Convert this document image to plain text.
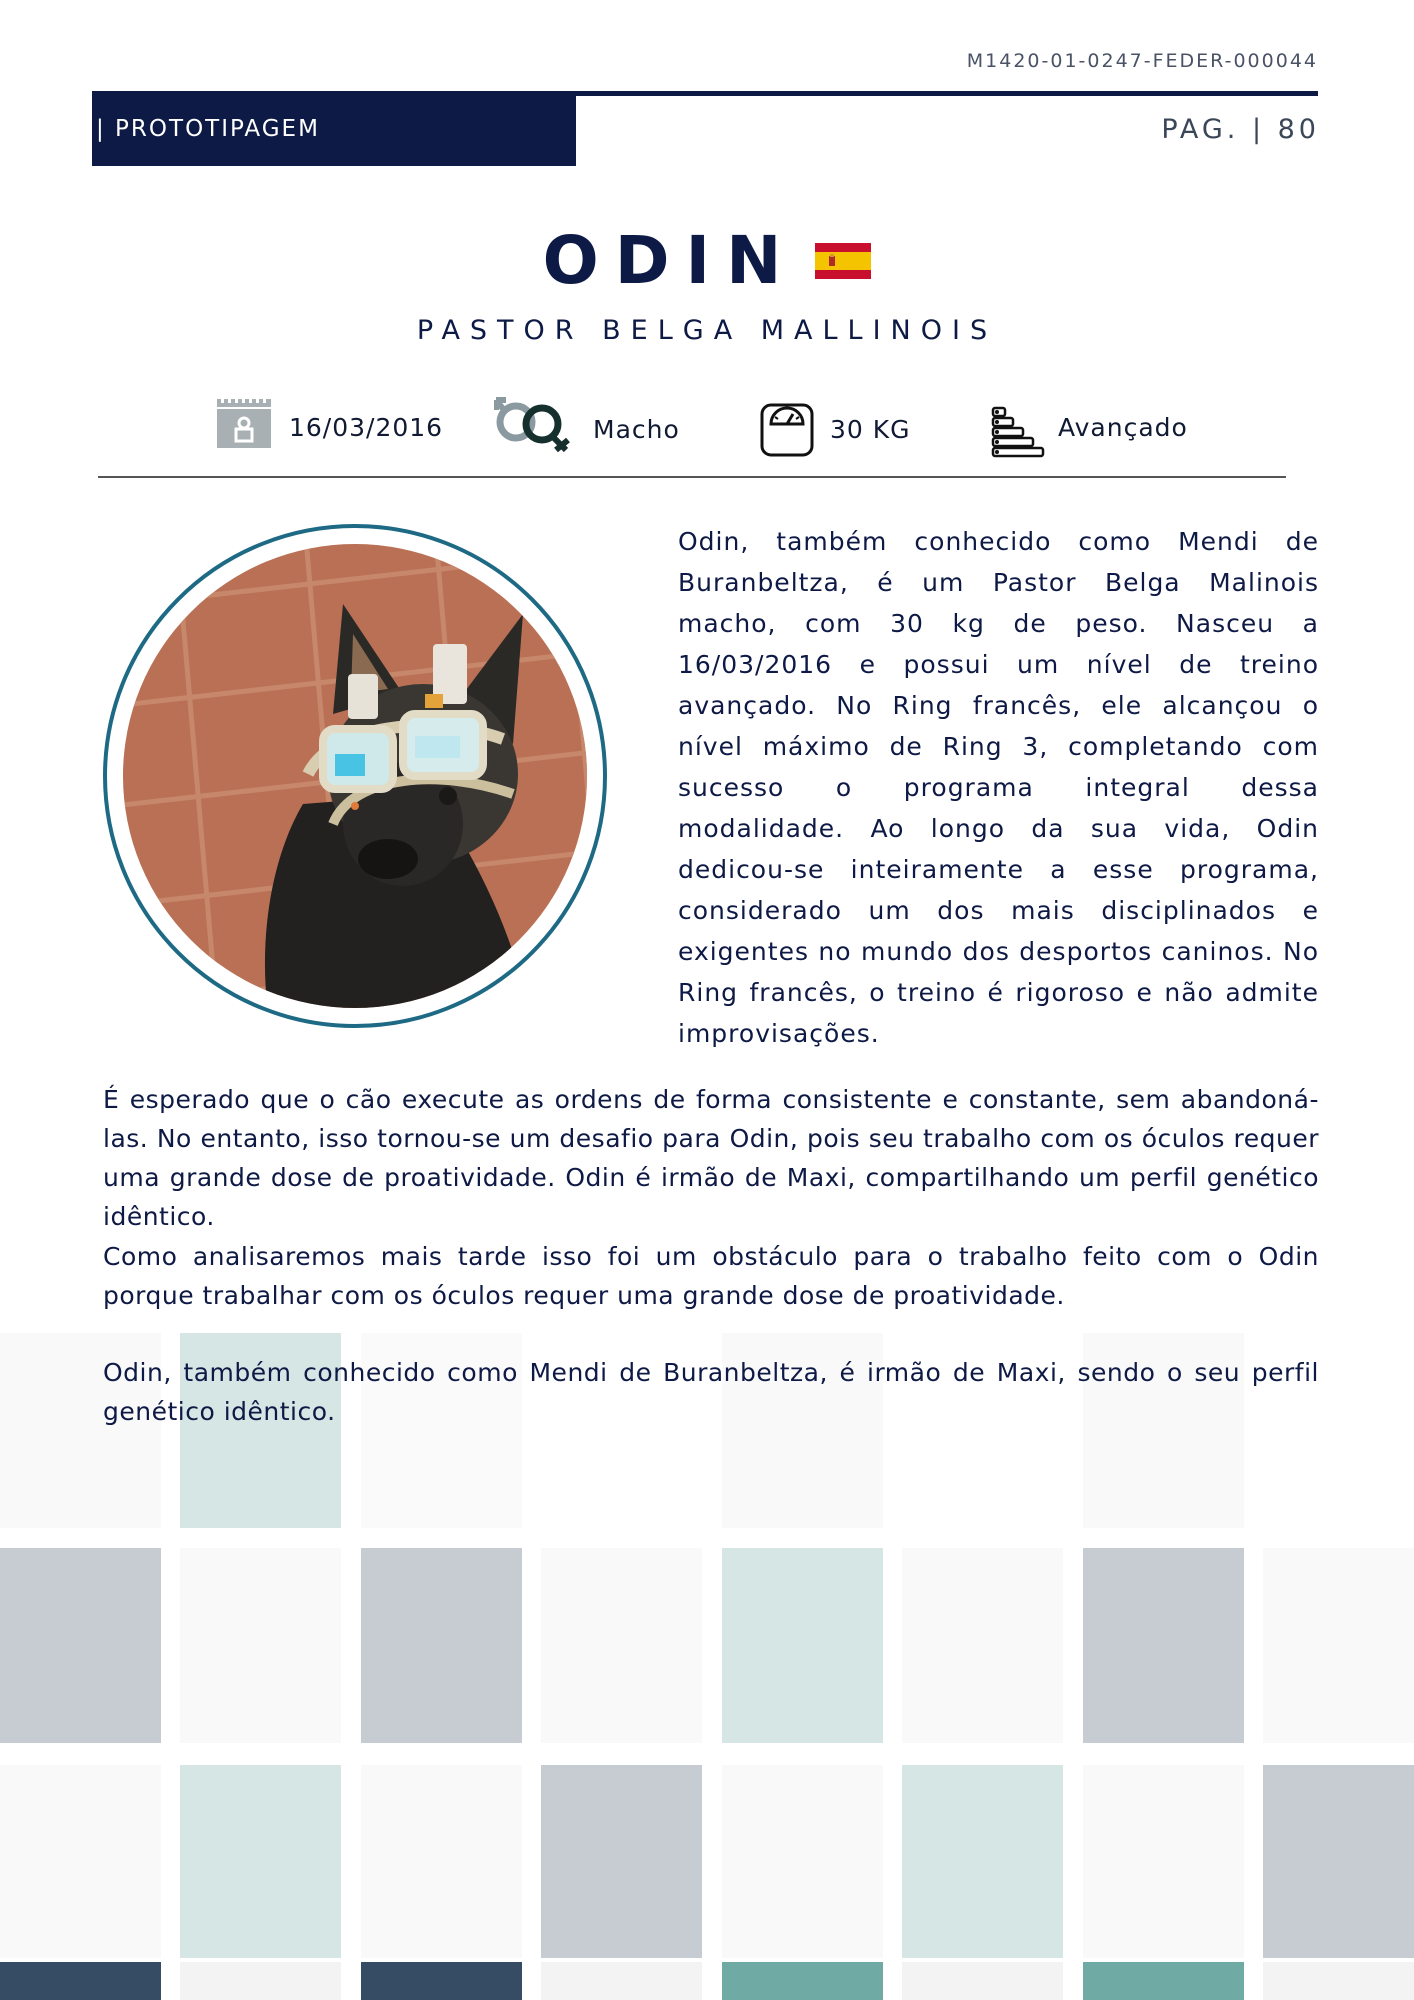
M1420-01-0247-FEDER-000044
| PROTOTIPAGEM	PAG. | 80
ODIN
PASTOR BELGA MALLINOIS
16/03/2016	Macho	30 KG	Avançado
Odin, também conhecido como Mendi de Buranbeltza, é um Pastor Belga Malinois macho, com 30 kg de peso. Nasceu a 16/03/2016 e possui um nível de treino avançado. No Ring francês, ele alcançou o nível máximo de Ring 3, completando com sucesso o programa integral dessa modalidade. Ao longo da sua vida, Odin dedicou-se inteiramente a esse programa, considerado um dos mais disciplinados e exigentes no mundo dos desportos caninos. No Ring francês, o treino é rigoroso e não admite improvisações.
É esperado que o cão execute as ordens de forma consistente e constante, sem abandoná-las. No entanto, isso tornou-se um desafio para Odin, pois seu trabalho com os óculos requer uma grande dose de proatividade. Odin é irmão de Maxi, compartilhando um perfil genético idêntico.
Como analisaremos mais tarde isso foi um obstáculo para o trabalho feito com o Odin porque trabalhar com os óculos requer uma grande dose de proatividade.
Odin, também conhecido como Mendi de Buranbeltza, é irmão de Maxi, sendo o seu perfil genético idêntico.
